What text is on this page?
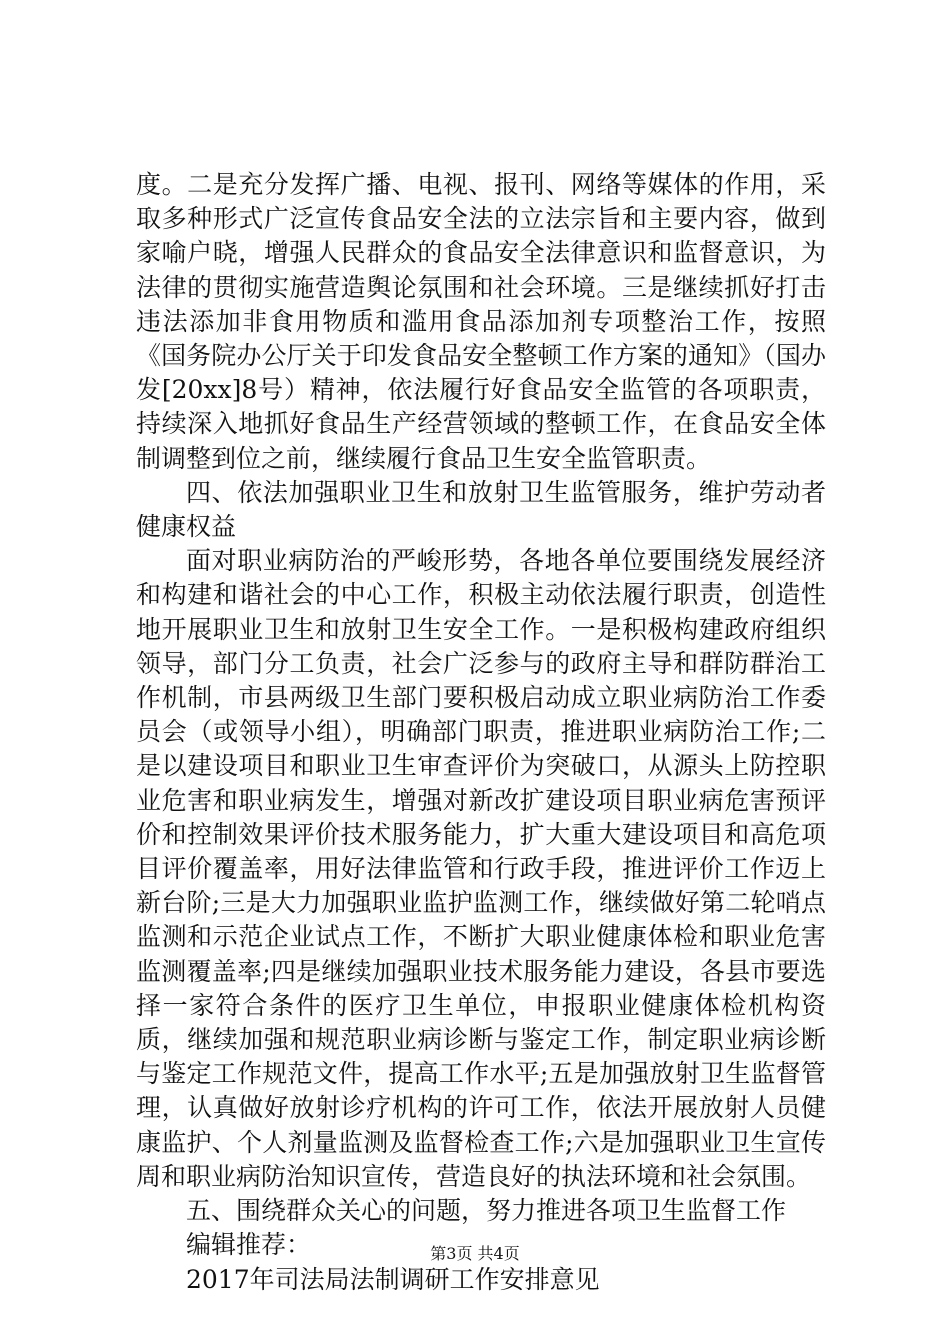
度。二是充分发挥广播、电视、报刊、网络等媒体的作用，采取多种形式广泛宣传食品安全法的立法宗旨和主要内容，做到家喻户晓，增强人民群众的食品安全法律意识和监督意识，为法律的贯彻实施营造舆论氛围和社会环境。三是继续抓好打击违法添加非食用物质和滥用食品添加剂专项整治工作，按照《国务院办公厅关于印发食品安全整顿工作方案的通知》（国办发[20xx]8号）精神，依法履行好食品安全监管的各项职责，持续深入地抓好食品生产经营领域的整顿工作，在食品安全体制调整到位之前，继续履行食品卫生安全监管职责。

四、依法加强职业卫生和放射卫生监管服务，维护劳动者健康权益

面对职业病防治的严峻形势，各地各单位要围绕发展经济和构建和谐社会的中心工作，积极主动依法履行职责，创造性地开展职业卫生和放射卫生安全工作。一是积极构建政府组织领导，部门分工负责，社会广泛参与的政府主导和群防群治工作机制，市县两级卫生部门要积极启动成立职业病防治工作委员会（或领导小组），明确部门职责，推进职业病防治工作;二是以建设项目和职业卫生审查评价为突破口，从源头上防控职业危害和职业病发生，增强对新改扩建设项目职业病危害预评价和控制效果评价技术服务能力，扩大重大建设项目和高危项目评价覆盖率，用好法律监管和行政手段，推进评价工作迈上新台阶;三是大力加强职业监护监测工作，继续做好第二轮哨点监测和示范企业试点工作，不断扩大职业健康体检和职业危害监测覆盖率;四是继续加强职业技术服务能力建设，各县市要选择一家符合条件的医疗卫生单位，申报职业健康体检机构资质，继续加强和规范职业病诊断与鉴定工作，制定职业病诊断与鉴定工作规范文件，提高工作水平;五是加强放射卫生监督管理，认真做好放射诊疗机构的许可工作，依法开展放射人员健康监护、个人剂量监测及监督检查工作;六是加强职业卫生宣传周和职业病防治知识宣传，营造良好的执法环境和社会氛围。

五、围绕群众关心的问题，努力推进各项卫生监督工作

编辑推荐：

2017年司法局法制调研工作安排意见

第3页 共4页
